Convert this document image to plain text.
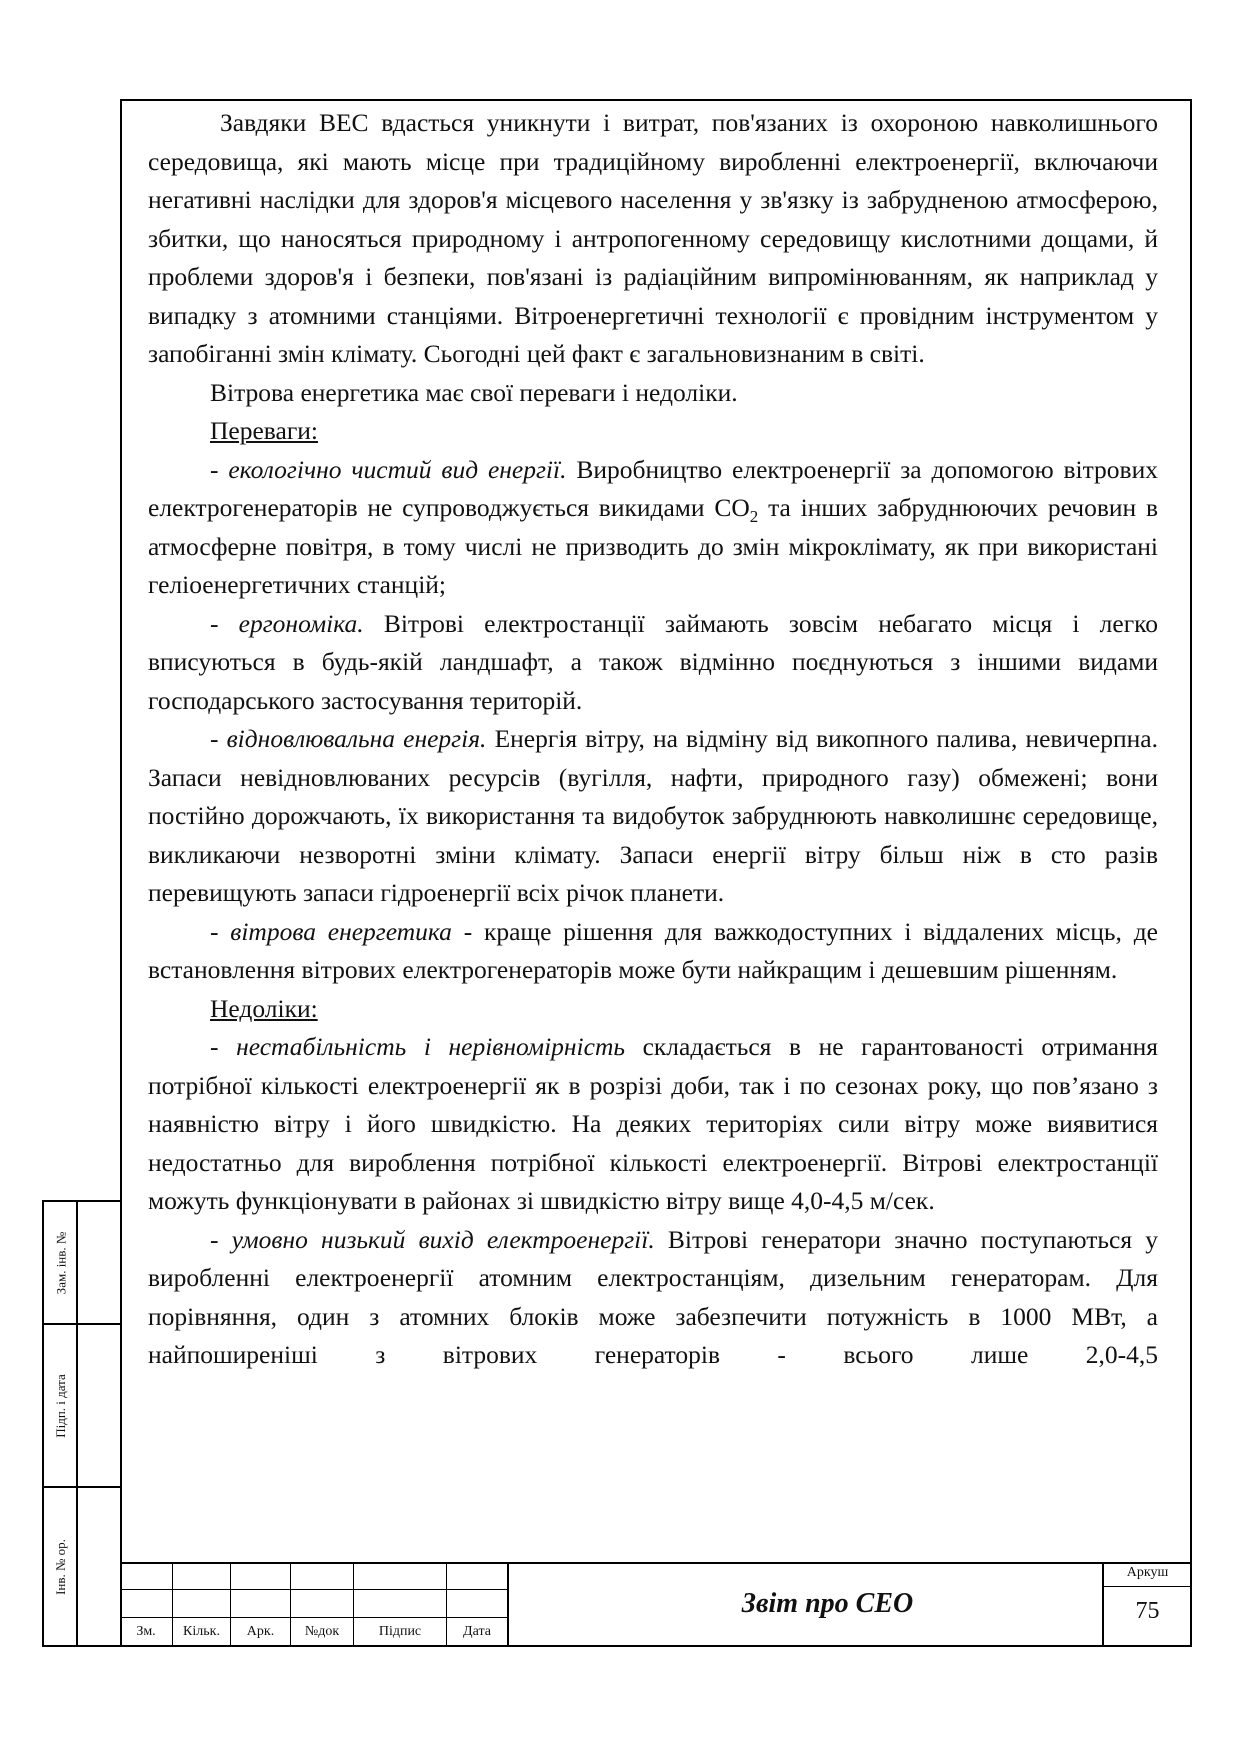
Завдяки ВЕС вдасться уникнути і витрат, пов'язаних із охороною навколишнього середовища, які мають місце при традиційному виробленні електроенергії, включаючи негативні наслідки для здоров'я місцевого населення у зв'язку із забрудненою атмосферою, збитки, що наносяться природному і антропогенному середовищу кислотними дощами, й проблеми здоров'я і безпеки, пов'язані із радіаційним випромінюванням, як наприклад у випадку з атомними станціями. Вітроенергетичні технології є провідним інструментом у запобіганні змін клімату. Сьогодні цей факт є загальновизнаним в світі.

Вітрова енергетика має свої переваги і недоліки.

Переваги:

- екологічно чистий вид енергії. Виробництво електроенергії за допомогою вітрових електрогенераторів не супроводжується викидами $СО_2$ та інших забруднюючих речовин в атмосферне повітря, в тому числі не призводить до змін мікроклімату, як при використані геліоенергетичних станцій;

- ергономіка. Вітрові електростанції займають зовсім небагато місця і легко вписуються в будь-якій ландшафт, а також відмінно поєднуються з іншими видами господарського застосування територій.

- відновлювальна енергія. Енергія вітру, на відміну від викопного палива, невичерпна. Запаси невідновлюваних ресурсів (вугілля, нафти, природного газу) обмежені; вони постійно дорожчають, їх використання та видобуток забруднюють навколишнє середовище, викликаючи незворотні зміни клімату. Запаси енергії вітру більш ніж в сто разів перевищують запаси гідроенергії всіх річок планети.

- вітрова енергетика - краще рішення для важкодоступних і віддалених місць, де встановлення вітрових електрогенераторів може бути найкращим і дешевшим рішенням.

Недоліки:

- нестабільність і нерівномірність складається в не гарантованості отримання потрібної кількості електроенергії як в розрізі доби, так і по сезонах року, що пов’язано з наявністю вітру і його швидкістю. На деяких територіях сили вітру може виявитися недостатньо для вироблення потрібної кількості електроенергії. Вітрові електростанції можуть функціонувати в районах зі швидкістю вітру вище 4,0-4,5 м/сек.

- умовно низький вихід електроенергії. Вітрові генератори значно поступаються у виробленні електроенергії атомним електростанціям, дизельним генераторам. Для порівняння, один з атомних блоків може забезпечити потужність в 1000 МВт, а найпоширеніші з вітрових генераторів - всього лише 2,0-4,5

Зам. інв. №
Підп. і дата
Інв. № ор.
Зм.	Кільк.	Арк.	№док	Підпис	Дата
Звіт про СЕО
Аркуш
75
